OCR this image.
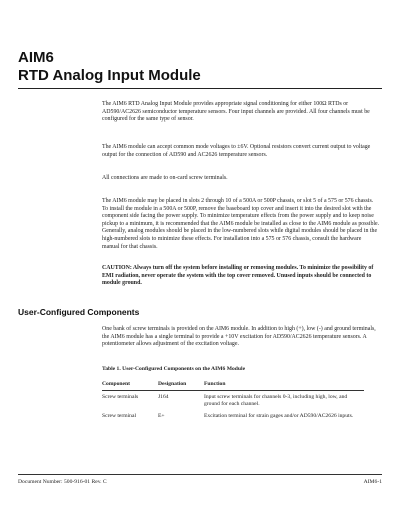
AIM6
RTD Analog Input Module

The AIM6 RTD Analog Input Module provides appropriate signal conditioning for either 100Ω RTDs or AD590/AC2626 semiconductor temperature sensors. Four input channels are provided. All four channels must be configured for the same type of sensor.

The AIM6 module can accept common mode voltages to ±6V. Optional resistors convert current output to voltage output for the connection of AD590 and AC2626 temperature sensors.

All connections are made to on-card screw terminals.

The AIM6 module may be placed in slots 2 through 10 of a 500A or 500P chassis, or slot 5 of a 575 or 576 chassis. To install the module in a 500A or 500P, remove the baseboard top cover and insert it into the desired slot with the component side facing the power supply. To minimize temperature effects from the power supply and to keep noise pickup to a minimum, it is recommended that the AIM6 module be installed as close to the AIM6 module as possible. Generally, analog modules should be placed in the low-numbered slots while digital modules should be placed in the high-numbered slots to minimize these effects. For installation into a 575 or 576 chassis, consult the hardware manual for that chassis.

CAUTION: Always turn off the system before installing or removing modules. To minimize the possibility of EMI radiation, never operate the system with the top cover removed. Unused inputs should be connected to module ground.

User-Configured Components

One bank of screw terminals is provided on the AIM6 module. In addition to high (+), low (-) and ground terminals, the AIM6 module has a single terminal to provide a +10V excitation for AD590/AC2626 temperature sensors. A potentiometer allows adjustment of the excitation voltage.

Table 1. User-Configured Components on the AIM6 Module

Component	Designation	Function
Screw terminals	J164	Input screw terminals for channels 0-3, including high, low, and ground for each channel.
Screw terminal	E+	Excitation terminal for strain gages and/or AD590/AC2626 inputs.

Document Number: 500-916-01 Rev. C	AIM6-1
